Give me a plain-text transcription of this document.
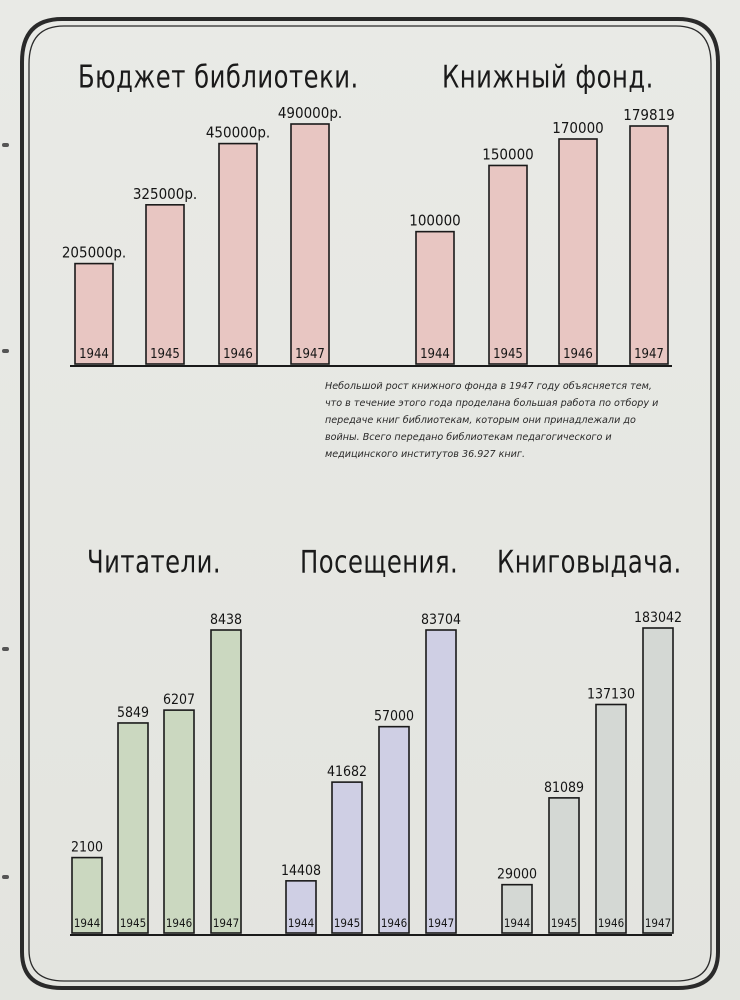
Бюджет библиотеки.	Книжный фонд.
Читатели.	Посещения. Книговыдача.

Небольшой рост книжного фонда в 1947 году объясняется тем, что в течение этого года проделана большая работа по отбору и передаче книг библиотекам, которым они принадлежали до войны. Всего передано библиотекам педагогического и медицинского институтов 36.927 книг.

205000р.
1944
325000р.
1945
450000р.
1946
490000р.
1947
100000
1944
150000
1945
170000
1946
179819
1947
2100
1944
5849
1945
6207
1946
8438
1947
14408
1944
41682
1945
57000
1946
83704
1947
29000
1944
81089
1945
137130
1946
183042
1947
